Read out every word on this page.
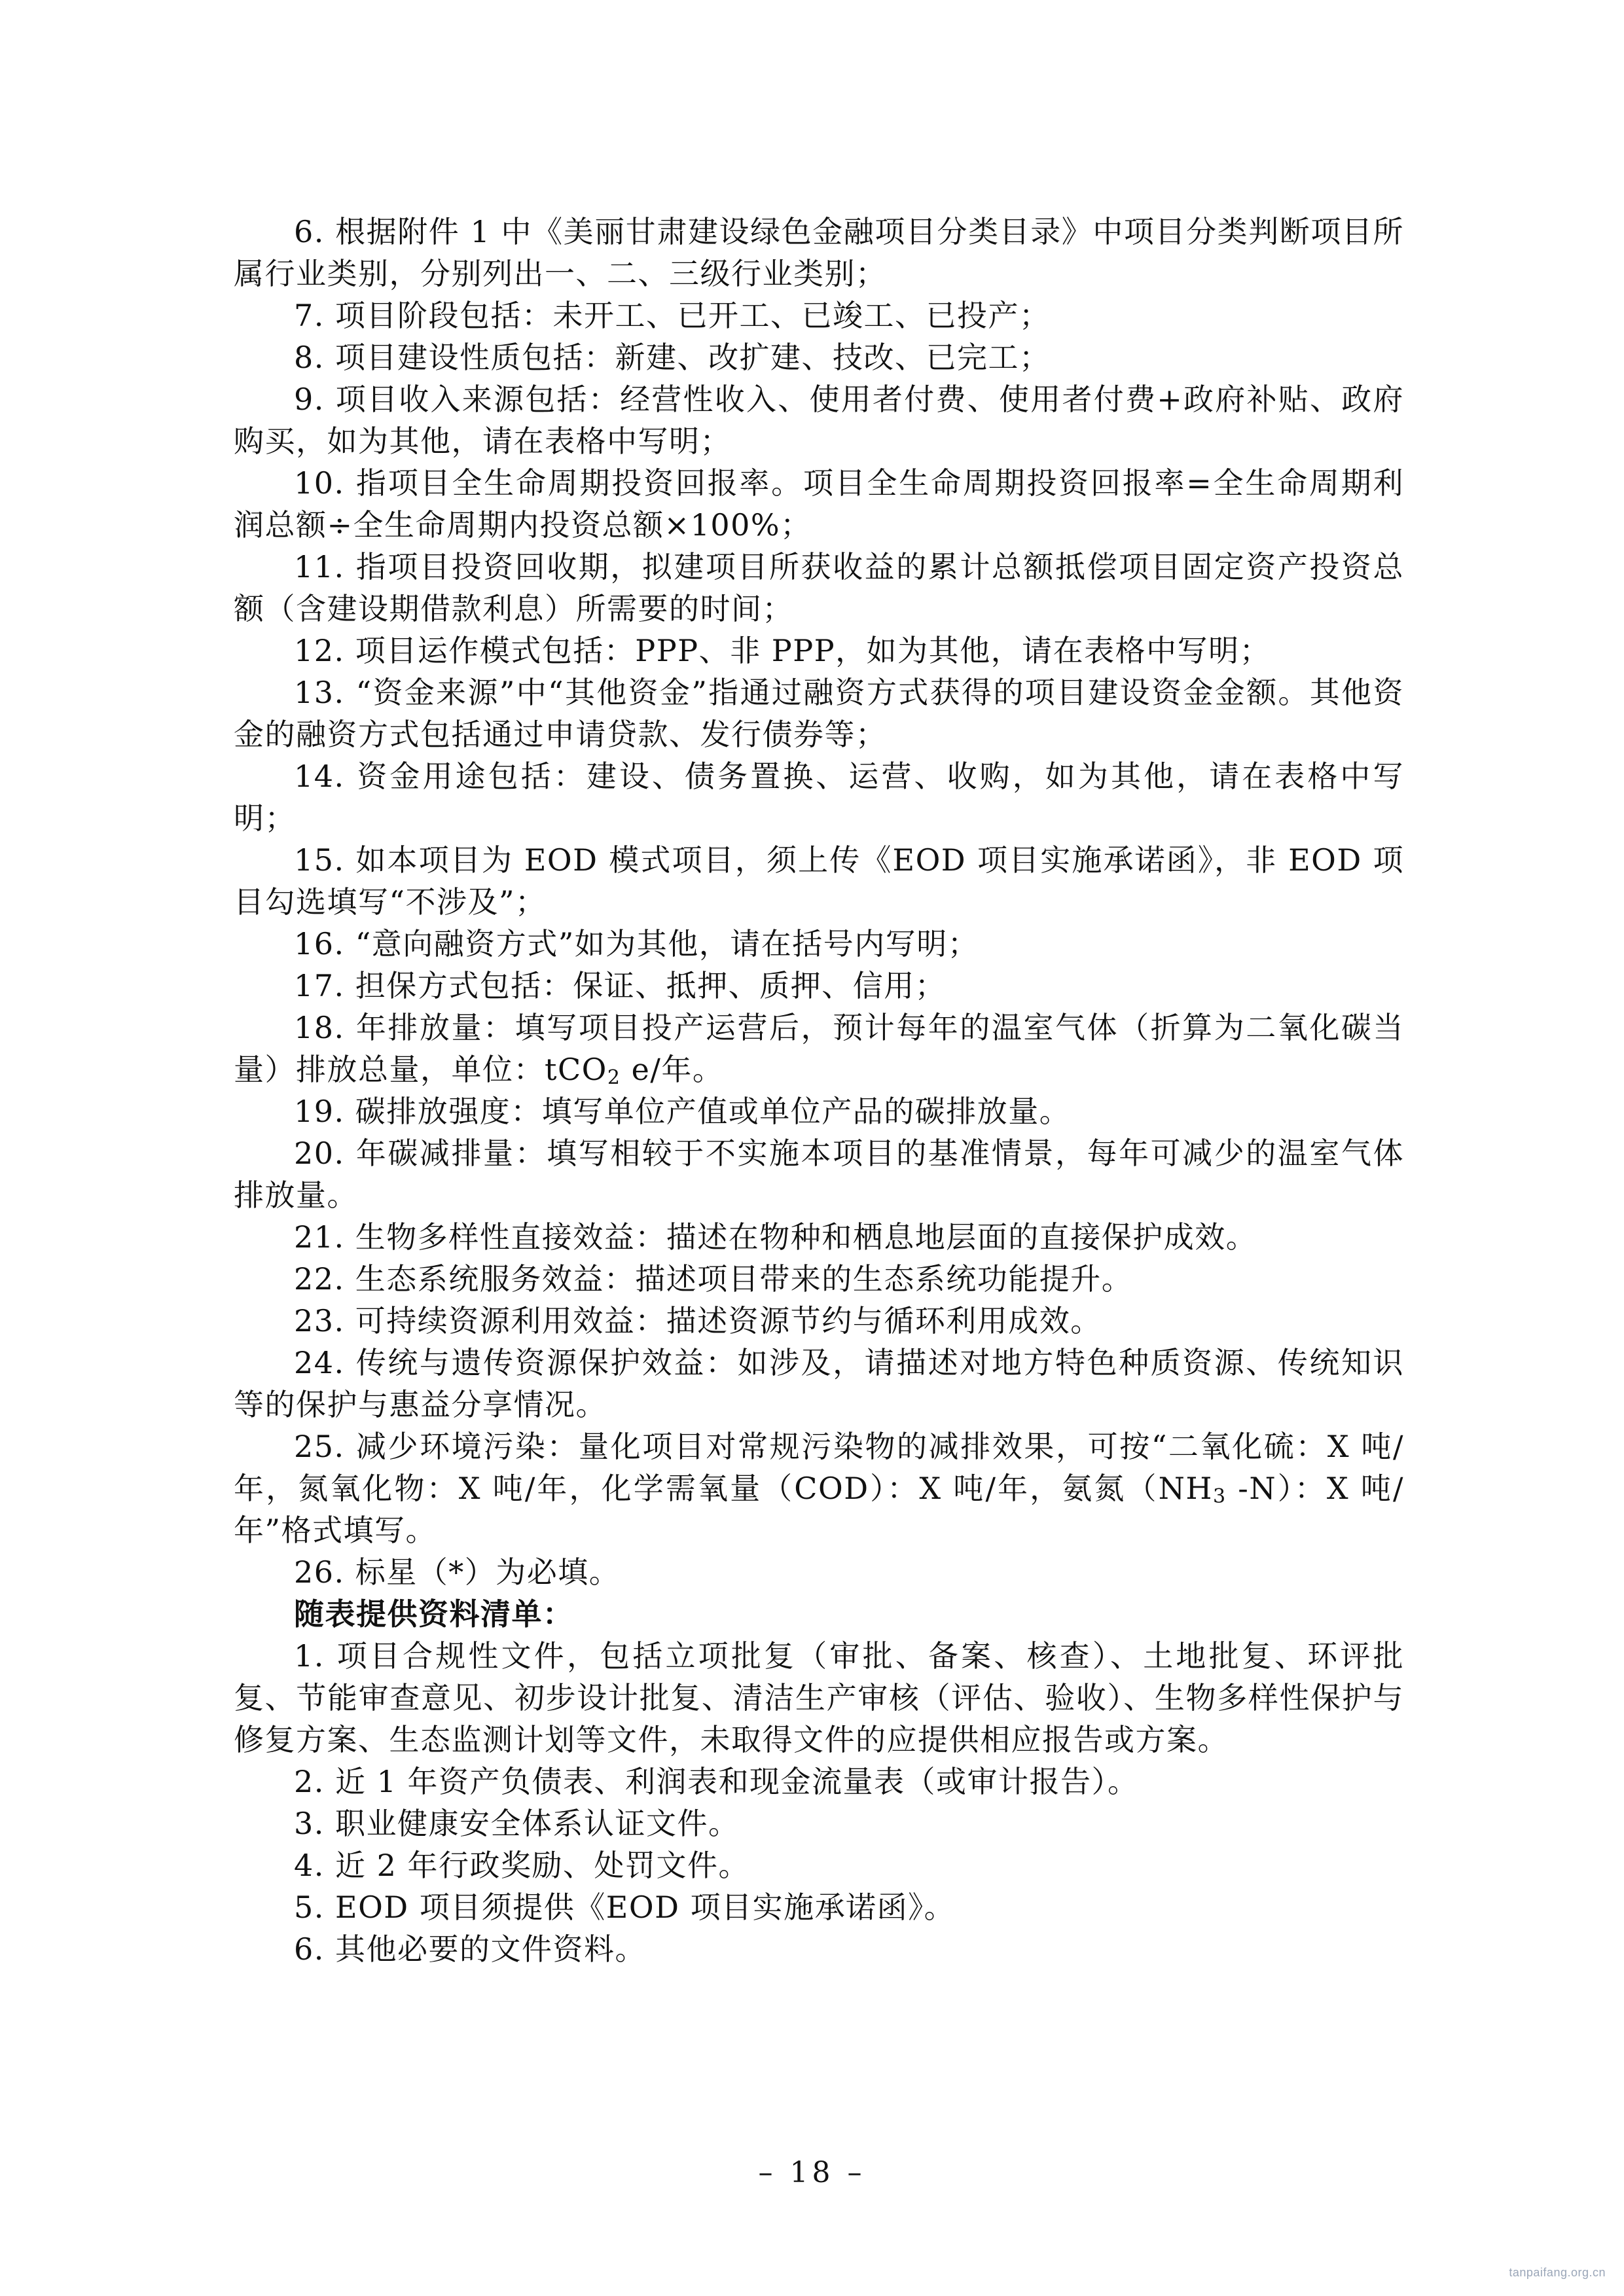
6. 根据附件 1 中《美丽甘肃建设绿色金融项目分类目录》中项目分类判断项目所属行业类别，分别列出一、二、三级行业类别；

7. 项目阶段包括：未开工、已开工、已竣工、已投产；

8. 项目建设性质包括：新建、改扩建、技改、已完工；

9. 项目收入来源包括：经营性收入、使用者付费、使用者付费+政府补贴、政府购买，如为其他，请在表格中写明；

10. 指项目全生命周期投资回报率。项目全生命周期投资回报率=全生命周期利润总额÷全生命周期内投资总额×100%；

11. 指项目投资回收期，拟建项目所获收益的累计总额抵偿项目固定资产投资总额（含建设期借款利息）所需要的时间；

12. 项目运作模式包括：PPP、非 PPP，如为其他，请在表格中写明；

13. “资金来源”中“其他资金”指通过融资方式获得的项目建设资金金额。其他资金的融资方式包括通过申请贷款、发行债券等；

14. 资金用途包括：建设、债务置换、运营、收购，如为其他，请在表格中写明；

15. 如本项目为 EOD 模式项目，须上传《EOD 项目实施承诺函》，非 EOD 项目勾选填写“不涉及”；

16. “意向融资方式”如为其他，请在括号内写明；

17. 担保方式包括：保证、抵押、质押、信用；

18. 年排放量：填写项目投产运营后，预计每年的温室气体（折算为二氧化碳当量）排放总量，单位：tCO$_2$ e/年。

19. 碳排放强度：填写单位产值或单位产品的碳排放量。

20. 年碳减排量：填写相较于不实施本项目的基准情景，每年可减少的温室气体排放量。

21. 生物多样性直接效益：描述在物种和栖息地层面的直接保护成效。

22. 生态系统服务效益：描述项目带来的生态系统功能提升。

23. 可持续资源利用效益：描述资源节约与循环利用成效。

24. 传统与遗传资源保护效益：如涉及，请描述对地方特色种质资源、传统知识等的保护与惠益分享情况。

25. 减少环境污染：量化项目对常规污染物的减排效果，可按“二氧化硫：X 吨/年，氮氧化物：X 吨/年，化学需氧量（COD）：X 吨/年，氨氮（$NH_3$ -N）：X 吨/年”格式填写。

26. 标星（*）为必填。

随表提供资料清单：

1. 项目合规性文件，包括立项批复（审批、备案、核查）、土地批复、环评批复、节能审查意见、初步设计批复、清洁生产审核（评估、验收）、生物多样性保护与修复方案、生态监测计划等文件，未取得文件的应提供相应报告或方案。

2. 近 1 年资产负债表、利润表和现金流量表（或审计报告）。

3. 职业健康安全体系认证文件。

4. 近 2 年行政奖励、处罚文件。

5. EOD 项目须提供《EOD 项目实施承诺函》。

6. 其他必要的文件资料。

– 18 –
tanpaifang.org.cn
